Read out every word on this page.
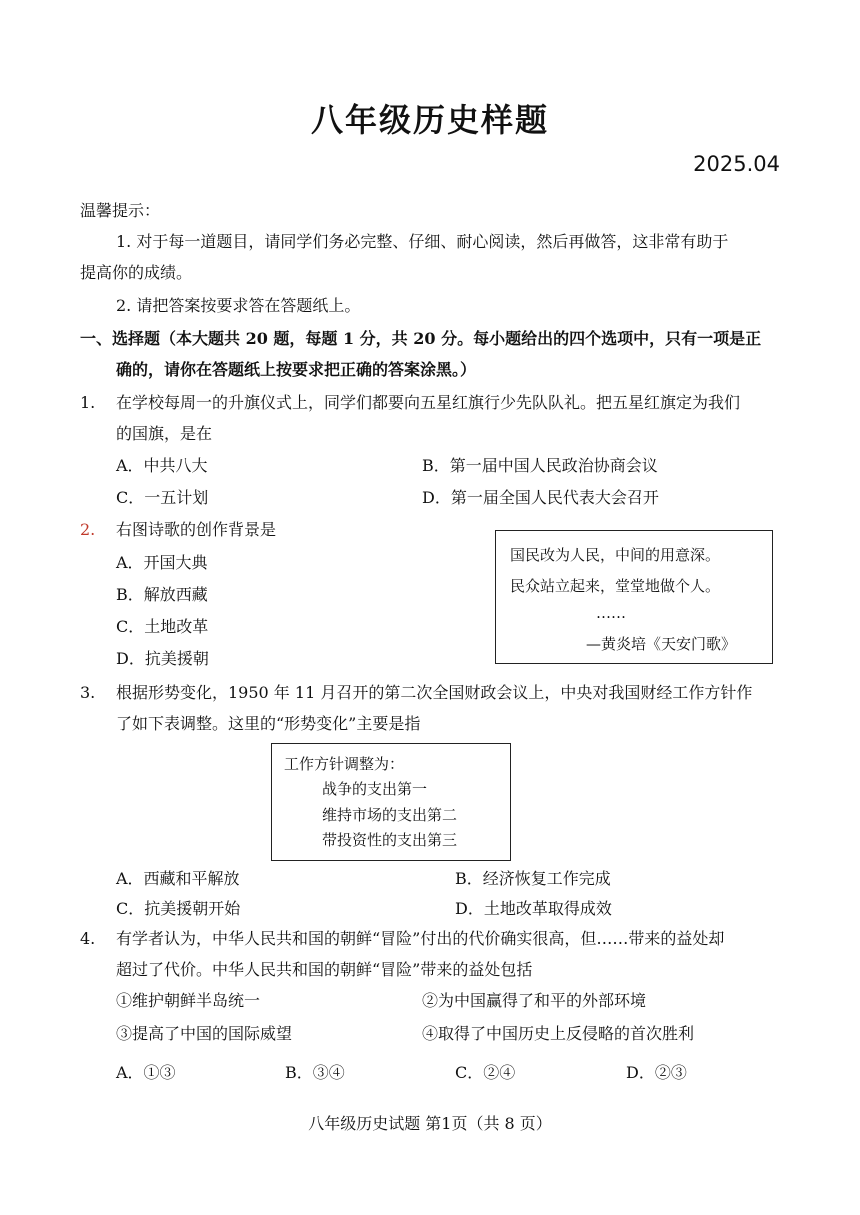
八年级历史样题
2025.04
温馨提示：
1. 对于每一道题目，请同学们务必完整、仔细、耐心阅读，然后再做答，这非常有助于
提高你的成绩。
2. 请把答案按要求答在答题纸上。
一、选择题（本大题共 20 题，每题 1 分，共 20 分。每小题给出的四个选项中，只有一项是正
确的，请你在答题纸上按要求把正确的答案涂黑。）
1. 在学校每周一的升旗仪式上，同学们都要向五星红旗行少先队队礼。把五星红旗定为我们
的国旗，是在
A．中共八大	B．第一届中国人民政治协商会议
C．一五计划	D．第一届全国人民代表大会召开
2. 右图诗歌的创作背景是
A．开国大典
B．解放西藏
C．土地改革
D．抗美援朝
国民改为人民，中间的用意深。
民众站立起来，堂堂地做个人。
……
—黄炎培《天安门歌》
3. 根据形势变化，1950 年 11 月召开的第二次全国财政会议上，中央对我国财经工作方针作
了如下表调整。这里的“形势变化”主要是指
工作方针调整为：
战争的支出第一
维持市场的支出第二
带投资性的支出第三
A．西藏和平解放	B．经济恢复工作完成
C．抗美援朝开始	D．土地改革取得成效
4. 有学者认为，中华人民共和国的朝鲜“冒险”付出的代价确实很高，但……带来的益处却
超过了代价。中华人民共和国的朝鲜“冒险”带来的益处包括
①维护朝鲜半岛统一	②为中国赢得了和平的外部环境
③提高了中国的国际威望	④取得了中国历史上反侵略的首次胜利
A．①③	B．③④	C．②④	D．②③
八年级历史试题 第1页（共 8 页）
